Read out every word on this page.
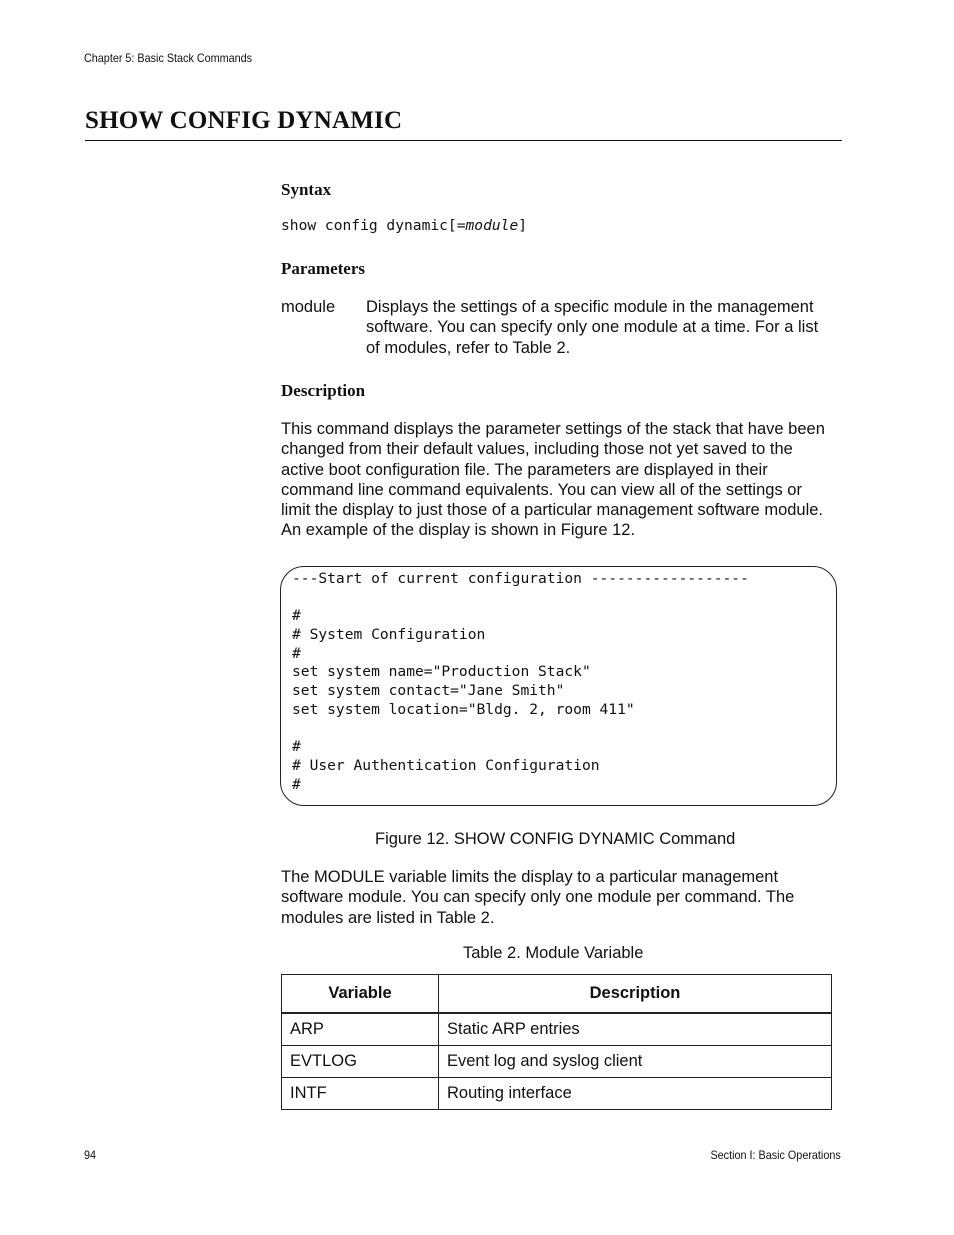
Chapter 5: Basic Stack Commands
SHOW CONFIG DYNAMIC
Syntax
show config dynamic[=module]
Parameters
module Displays the settings of a specific module in the management
software. You can specify only one module at a time. For a list
of modules, refer to Table 2.
Description
This command displays the parameter settings of the stack that have been
changed from their default values, including those not yet saved to the
active boot configuration file. The parameters are displayed in their
command line command equivalents. You can view all of the settings or
limit the display to just those of a particular management software module.
An example of the display is shown in Figure 12.
---Start of current configuration ------------------
#
# System Configuration
#
set system name="Production Stack"
set system contact="Jane Smith"
set system location="Bldg. 2, room 411"
#
# User Authentication Configuration
#
Figure 12. SHOW CONFIG DYNAMIC Command
The MODULE variable limits the display to a particular management
software module. You can specify only one module per command. The
modules are listed in Table 2.
Table 2. Module Variable
Variable	Description

ARP	Static ARP entries
EVTLOG	Event log and syslog client
INTF	Routing interface
94	Section I: Basic Operations
